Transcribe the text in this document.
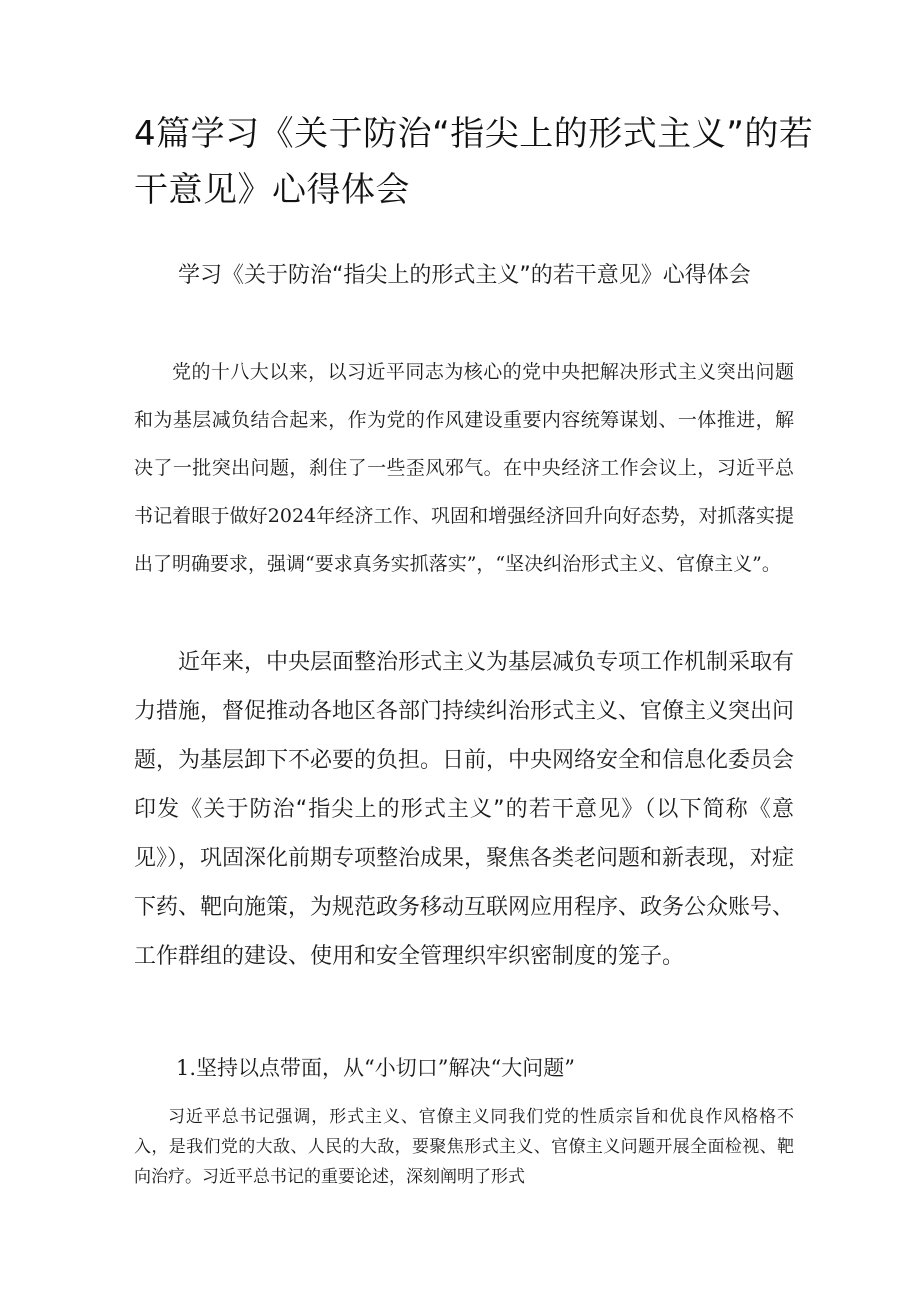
4篇学习《关于防治“指尖上的形式主义”的若干意见》心得体会

学习《关于防治“指尖上的形式主义”的若干意见》心得体会

党的十八大以来，以习近平同志为核心的党中央把解决形式主义突出问题和为基层减负结合起来，作为党的作风建设重要内容统筹谋划、一体推进，解决了一批突出问题，刹住了一些歪风邪气。在中央经济工作会议上，习近平总书记着眼于做好2024年经济工作、巩固和增强经济回升向好态势，对抓落实提出了明确要求，强调“要求真务实抓落实”，“坚决纠治形式主义、官僚主义”。

近年来，中央层面整治形式主义为基层减负专项工作机制采取有力措施，督促推动各地区各部门持续纠治形式主义、官僚主义突出问题，为基层卸下不必要的负担。日前，中央网络安全和信息化委员会印发《关于防治“指尖上的形式主义”的若干意见》（以下简称《意见》），巩固深化前期专项整治成果，聚焦各类老问题和新表现，对症下药、靶向施策，为规范政务移动互联网应用程序、政务公众账号、工作群组的建设、使用和安全管理织牢织密制度的笼子。

1.坚持以点带面，从“小切口”解决“大问题”

习近平总书记强调，形式主义、官僚主义同我们党的性质宗旨和优良作风格格不入，是我们党的大敌、人民的大敌，要聚焦形式主义、官僚主义问题开展全面检视、靶向治疗。习近平总书记的重要论述，深刻阐明了形式
